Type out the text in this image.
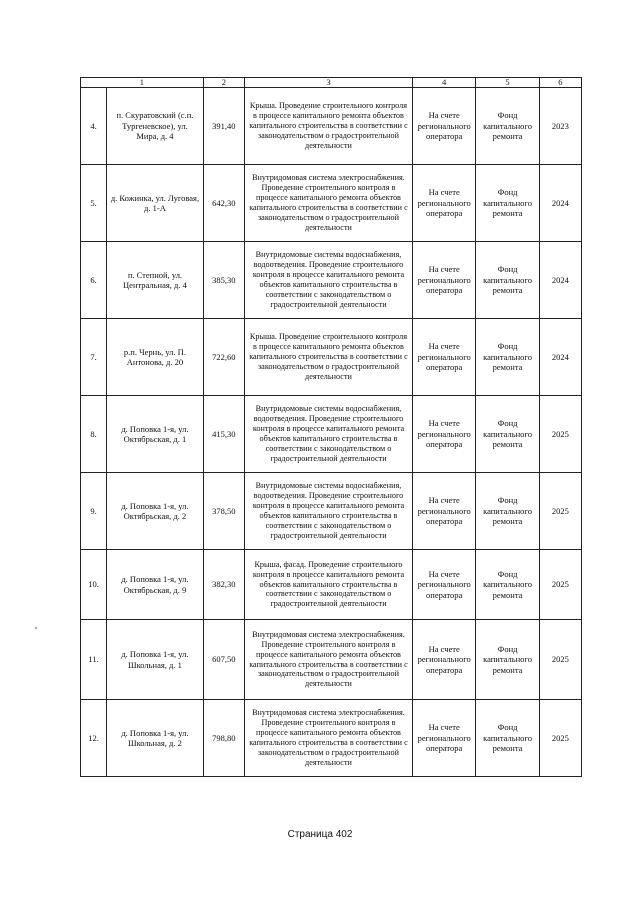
1		2	3	4	5	6
4.	п. Скуратовский (с.п. Тургеневское), ул. Мира, д. 4	391,40	Крыша. Проведение строительного контроля в процессе капитального ремонта объектов капитального строительства в соответствии с законодательством о градостроительной деятельности	На счете регионального оператора	Фонд капитального ремонта	2023
5.	д. Кожинка, ул. Луговая, д. 1-А	642,30	Внутридомовая система электроснабжения. Проведение строительного контроля в процессе капитального ремонта объектов капитального строительства в соответствии с законодательством о градостроительной деятельности	На счете регионального оператора	Фонд капитального ремонта	2024
6.	п. Степной, ул. Центральная, д. 4	385,30	Внутридомовые системы водоснабжения, водоотведения. Проведение строительного контроля в процессе капитального ремонта объектов капитального строительства в соответствии с законодательством о градостроительной деятельности	На счете регионального оператора	Фонд капитального ремонта	2024
7.	р.п. Чернь, ул. П. Антонова, д. 20	722,60	Крыша. Проведение строительного контроля в процессе капитального ремонта объектов капитального строительства в соответствии с законодательством о градостроительной деятельности	На счете регионального оператора	Фонд капитального ремонта	2024
8.	д. Поповка 1-я, ул. Октябрьская, д. 1	415,30	Внутридомовые системы водоснабжения, водоотведения. Проведение строительного контроля в процессе капитального ремонта объектов капитального строительства в соответствии с законодательством о градостроительной деятельности	На счете регионального оператора	Фонд капитального ремонта	2025
9.	д. Поповка 1-я, ул. Октябрьская, д. 2	378,50	Внутридомовые системы водоснабжения, водоотведения. Проведение строительного контроля в процессе капитального ремонта объектов капитального строительства в соответствии с законодательством о градостроительной деятельности	На счете регионального оператора	Фонд капитального ремонта	2025
10.	д. Поповка 1-я, ул. Октябрьская, д. 9	382,30	Крыша, фасад. Проведение строительного контроля в процессе капитального ремонта объектов капитального строительства в соответствии с законодательством о градостроительной деятельности	На счете регионального оператора	Фонд капитального ремонта	2025
11.	д. Поповка 1-я, ул. Школьная, д. 1	607,50	Внутридомовая система электроснабжения. Проведение строительного контроля в процессе капитального ремонта объектов капитального строительства в соответствии с законодательством о градостроительной деятельности	На счете регионального оператора	Фонд капитального ремонта	2025
12.	д. Поповка 1-я, ул. Школьная, д. 2	798,80	Внутридомовая система электроснабжения. Проведение строительного контроля в процессе капитального ремонта объектов капитального строительства в соответствии с законодательством о градостроительной деятельности	На счете регионального оператора	Фонд капитального ремонта	2025
Страница 402
